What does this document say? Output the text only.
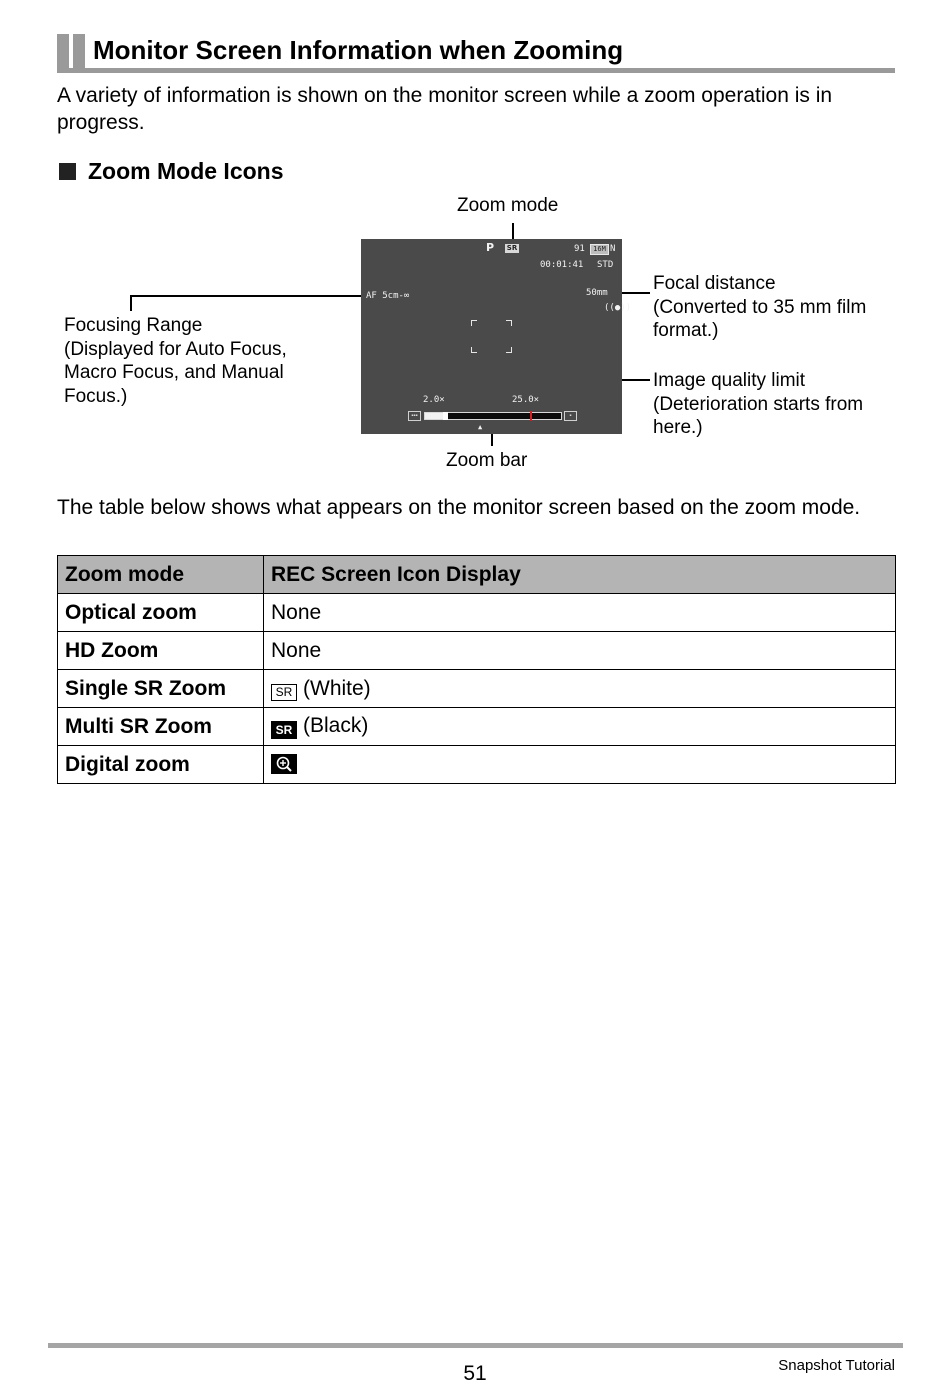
Monitor Screen Information when Zooming
A variety of information is shown on the monitor screen while a zoom operation is in progress.
Zoom Mode Icons
Zoom mode
Focusing Range
(Displayed for Auto Focus,
Macro Focus, and Manual
Focus.)
Focal distance
(Converted to 35 mm film
format.)
Image quality limit
(Deterioration starts from
here.)
Zoom bar
P SR	91	16M N
00:01:41 STD
50mm
((●))
AF 5cm-∞
2.0×	25.0×
▪▪▪	▪
▲
The table below shows what appears on the monitor screen based on the zoom mode.
Zoom mode	REC Screen Icon Display
Optical zoom	None
HD Zoom	None
Single SR Zoom	SR (White)
Multi SR Zoom	SR (Black)
Digital zoom	
51	Snapshot Tutorial
